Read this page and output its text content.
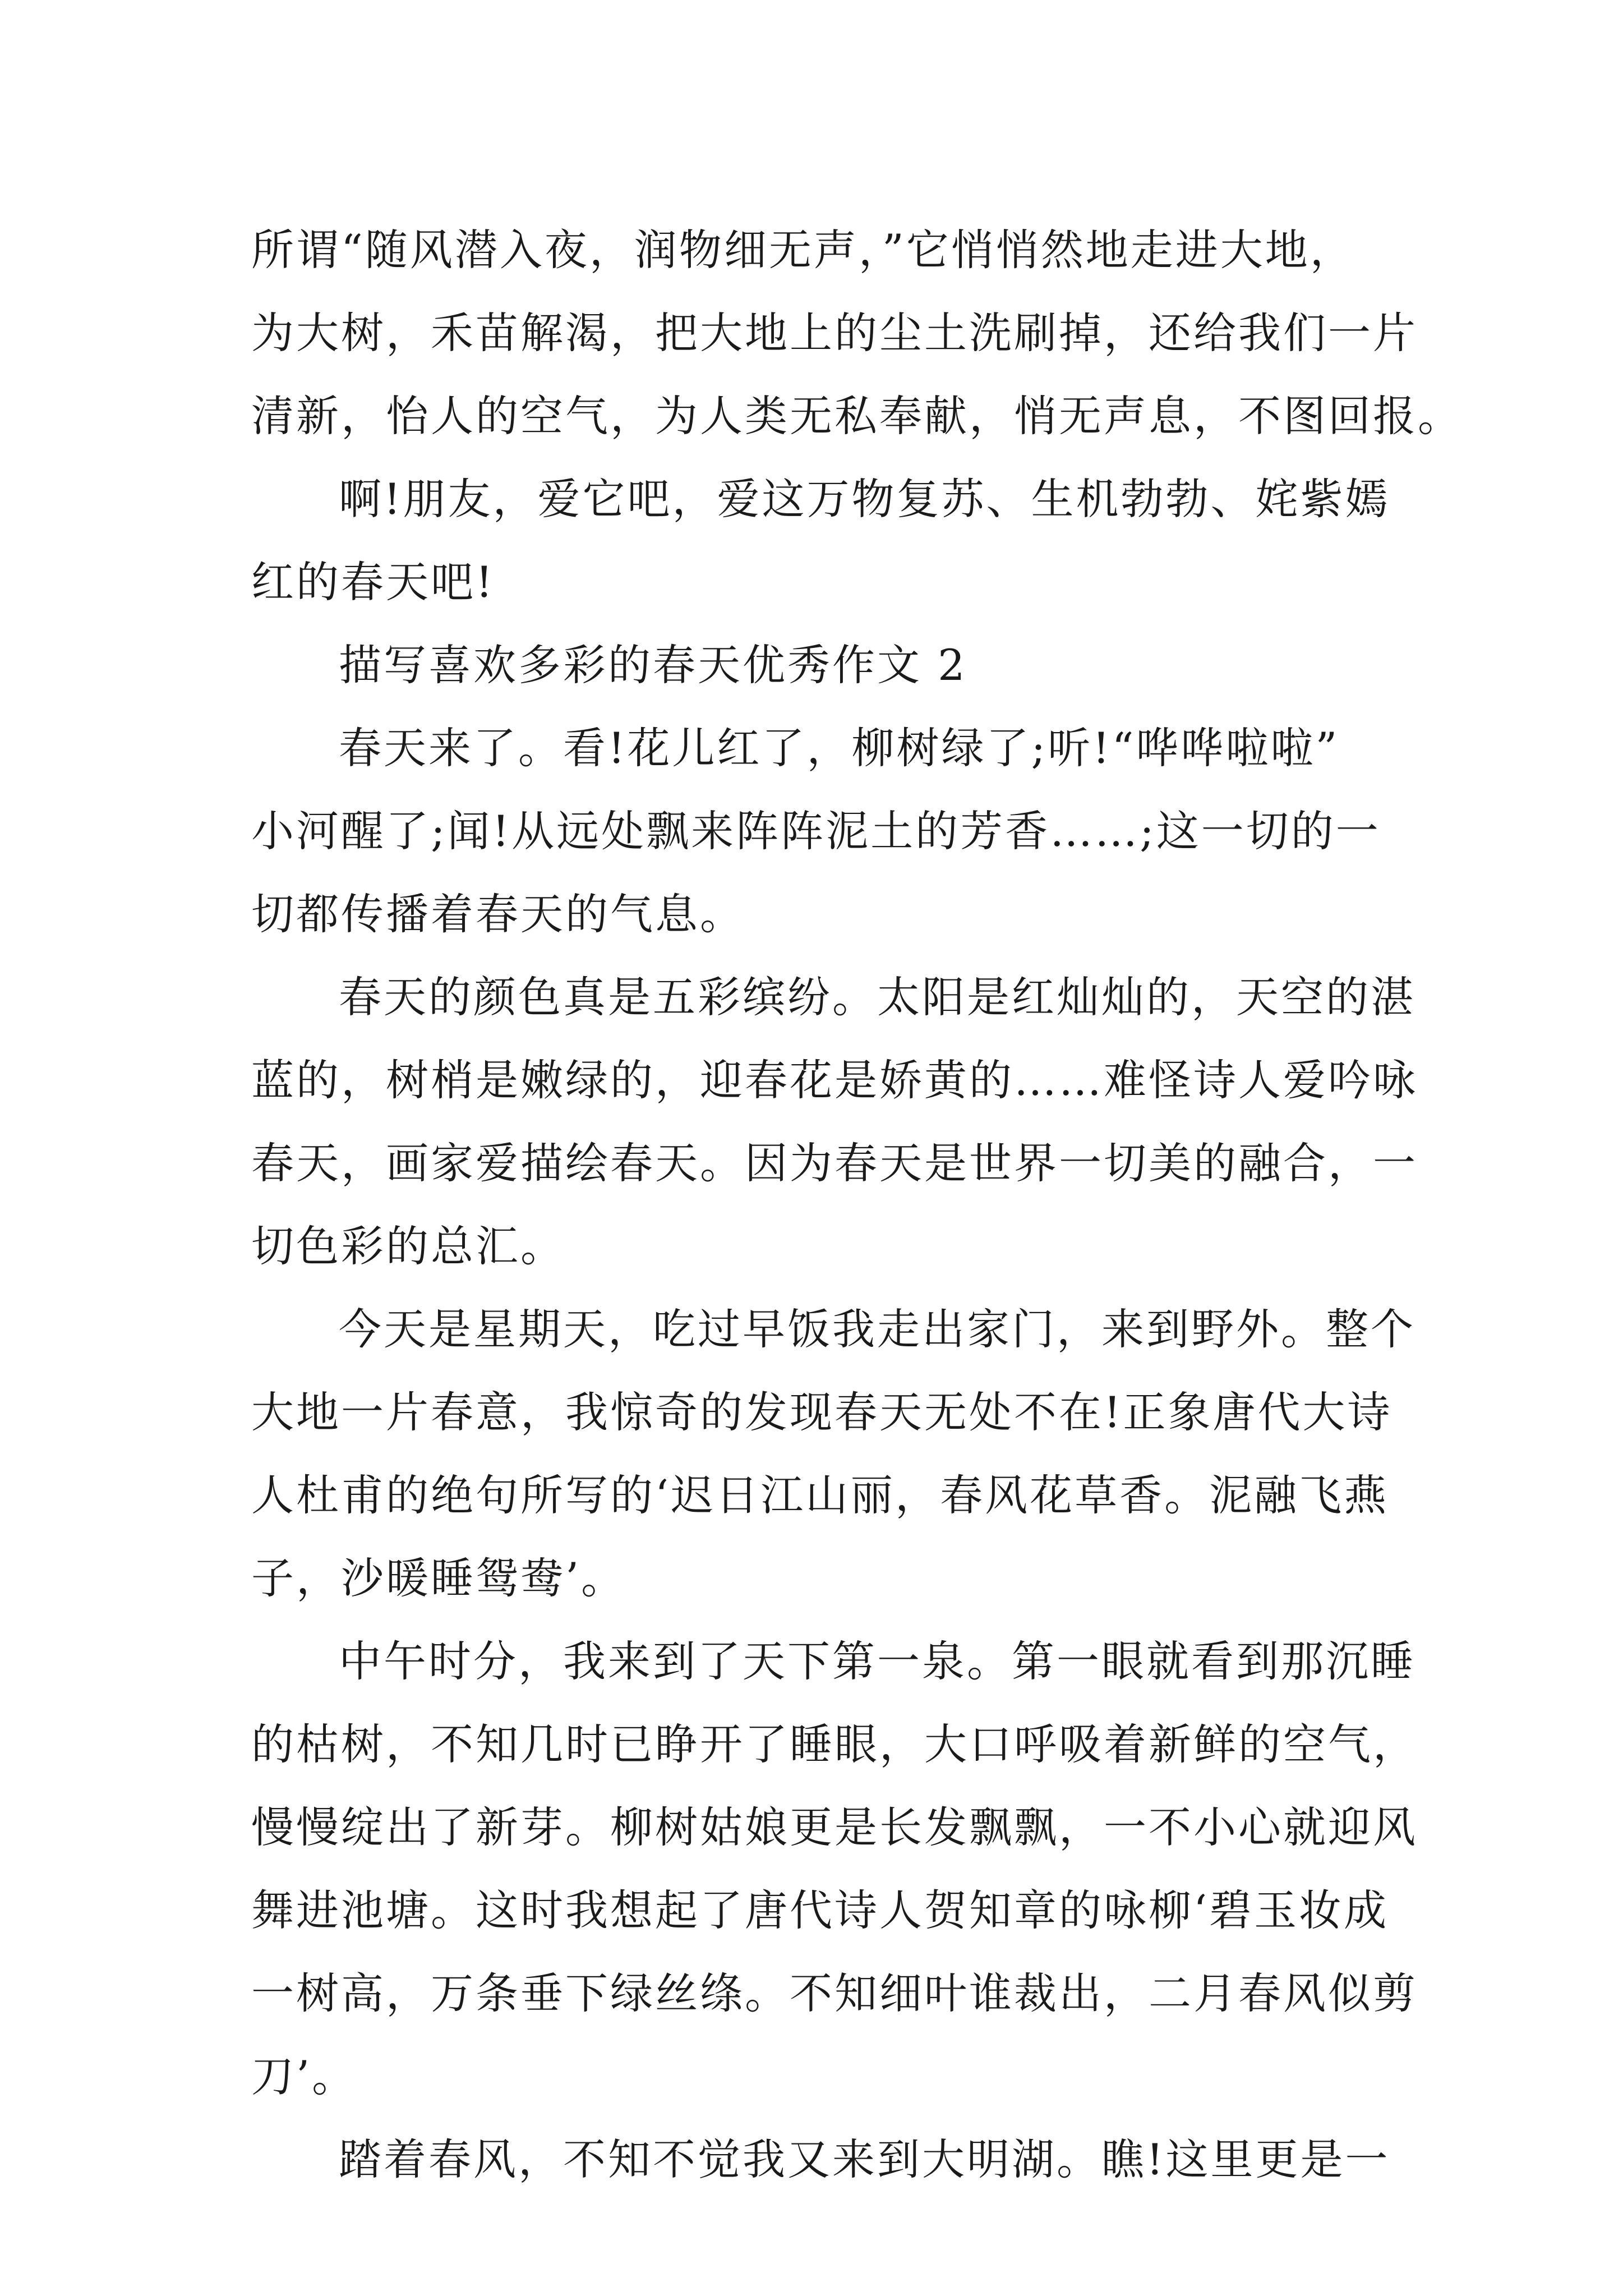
所谓“随风潜入夜，润物细无声，”它悄悄然地走进大地，
为大树，禾苗解渴，把大地上的尘土洗刷掉，还给我们一片
清新，怡人的空气，为人类无私奉献，悄无声息，不图回报。
啊!朋友，爱它吧，爱这万物复苏、生机勃勃、姹紫嫣
红的春天吧!
描写喜欢多彩的春天优秀作文 2
春天来了。看!花儿红了，柳树绿了;听!“哗哗啦啦”
小河醒了;闻!从远处飘来阵阵泥土的芳香……;这一切的一
切都传播着春天的气息。
春天的颜色真是五彩缤纷。太阳是红灿灿的，天空的湛
蓝的，树梢是嫩绿的，迎春花是娇黄的……难怪诗人爱吟咏
春天，画家爱描绘春天。因为春天是世界一切美的融合，一
切色彩的总汇。
今天是星期天，吃过早饭我走出家门，来到野外。整个
大地一片春意，我惊奇的发现春天无处不在!正象唐代大诗
人杜甫的绝句所写的‘迟日江山丽，春风花草香。泥融飞燕
子，沙暖睡鸳鸯’。
中午时分，我来到了天下第一泉。第一眼就看到那沉睡
的枯树，不知几时已睁开了睡眼，大口呼吸着新鲜的空气，
慢慢绽出了新芽。柳树姑娘更是长发飘飘，一不小心就迎风
舞进池塘。这时我想起了唐代诗人贺知章的咏柳‘碧玉妆成
一树高，万条垂下绿丝绦。不知细叶谁裁出，二月春风似剪
刀’。
踏着春风，不知不觉我又来到大明湖。瞧!这里更是一
